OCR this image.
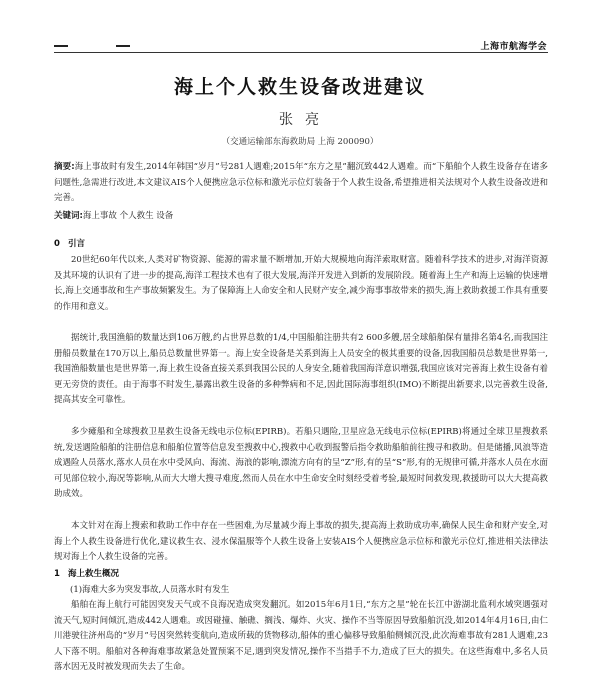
上海市航海学会
海上个人救生设备改进建议
张亮
（交通运输部东海救助局 上海 200090）
摘要:海上事故时有发生,2014年韩国“岁月”号281人遇难;2015年“东方之星”翻沉致442人遇难。而“下船舶个人救生设备存在诸多问题性,急需进行改进,本文建议AIS个人便携应急示位标和激光示位灯装备于个人救生设备,希望推进相关法规对个人救生设备改进和完善。
关键词:海上事故 个人救生 设备
0 引言
20世纪60年代以来,人类对矿物资源、能源的需求量不断增加,开始大规模地向海洋索取财富。随着科学技术的进步,对海洋资源及其环境的认识有了进一步的提高,海洋工程技术也有了很大发展,海洋开发进入到新的发展阶段。随着海上生产和海上运输的快速增长,海上交通事故和生产事故频繁发生。为了保障海上人命安全和人民财产安全,减少海事事故带来的损失,海上救助救援工作具有重要的作用和意义。
据统计,我国渔船的数量达到106万艘,约占世界总数的1/4,中国船舶注册共有2 600多艘,居全球船舶保有量排名第4名,而我国注册船员数量在170万以上,船员总数量世界第一。海上安全设备是关系到海上人员安全的极其重要的设备,因我国船员总数是世界第一,我国渔船数量也是世界第一,海上救生设备直接关系到我国公民的人身安全,随着我国海洋意识增强,我国应该对完善海上救生设备有着更无旁贷的责任。由于海事不时发生,暴露出救生设备的多种弊病和不足,因此国际海事组织(IMO)不断提出新要求,以完善救生设备,提高其安全可靠性。
多少瘫船和全球搜救卫星救生设备无线电示位标(EPIRB)。若船只遇险,卫星应急无线电示位标(EPIRB)将通过全球卫星搜救系统,发送遇险船舶的注册信息和船舶位置等信息发至搜救中心,搜救中心收到报警后指令救助船舶前往搜寻和救助。但是储播,风浪等造成遇险人员落水,落水人员在水中受风向、海流、海浪的影响,漂流方向有的呈“Z”形,有的呈“S”形,有的无规律可循,并落水人员在水面可见部位较小,海况等影响,从而大大增大搜寻难度,然而人员在水中生命安全时刻经受着考验,最短时间救发现,救援助可以大大提高救助成效。
本文针对在海上搜索和救助工作中存在一些困难,为尽量减少海上事故的损失,提高海上救助成功率,确保人民生命和财产安全,对海上个人救生设备进行优化,建议救生衣、浸水保温服等个人救生设备上安装AIS个人便携应急示位标和激光示位灯,推进相关法律法规对海上个人救生设备的完善。
1 海上救生概况
(1)海难大多为突发事故,人员落水时有发生
船舶在海上航行可能因突发天气或不良海况造成突发翻沉。如2015年6月1日,“东方之星”轮在长江中游湖北监利水域突遇强对流天气,短时间倾沉,造成442人遇难。或因碰撞、触礁、搁浅、爆炸、火灾、操作不当等原因导致船舶沉没,如2014年4月16日,由仁川港驶往济州岛的“岁月”号因突然转变航向,造成所载的货物移动,船体的重心偏移导致船舶侧倾沉没,此次海难事故有281人遇难,23人下落不明。船舶对各种海难事故紧急处置预案不足,遇到突发情况,操作不当措手不力,造成了巨大的损失。在这些海难中,多名人员落水因无及时被发现而失去了生命。
